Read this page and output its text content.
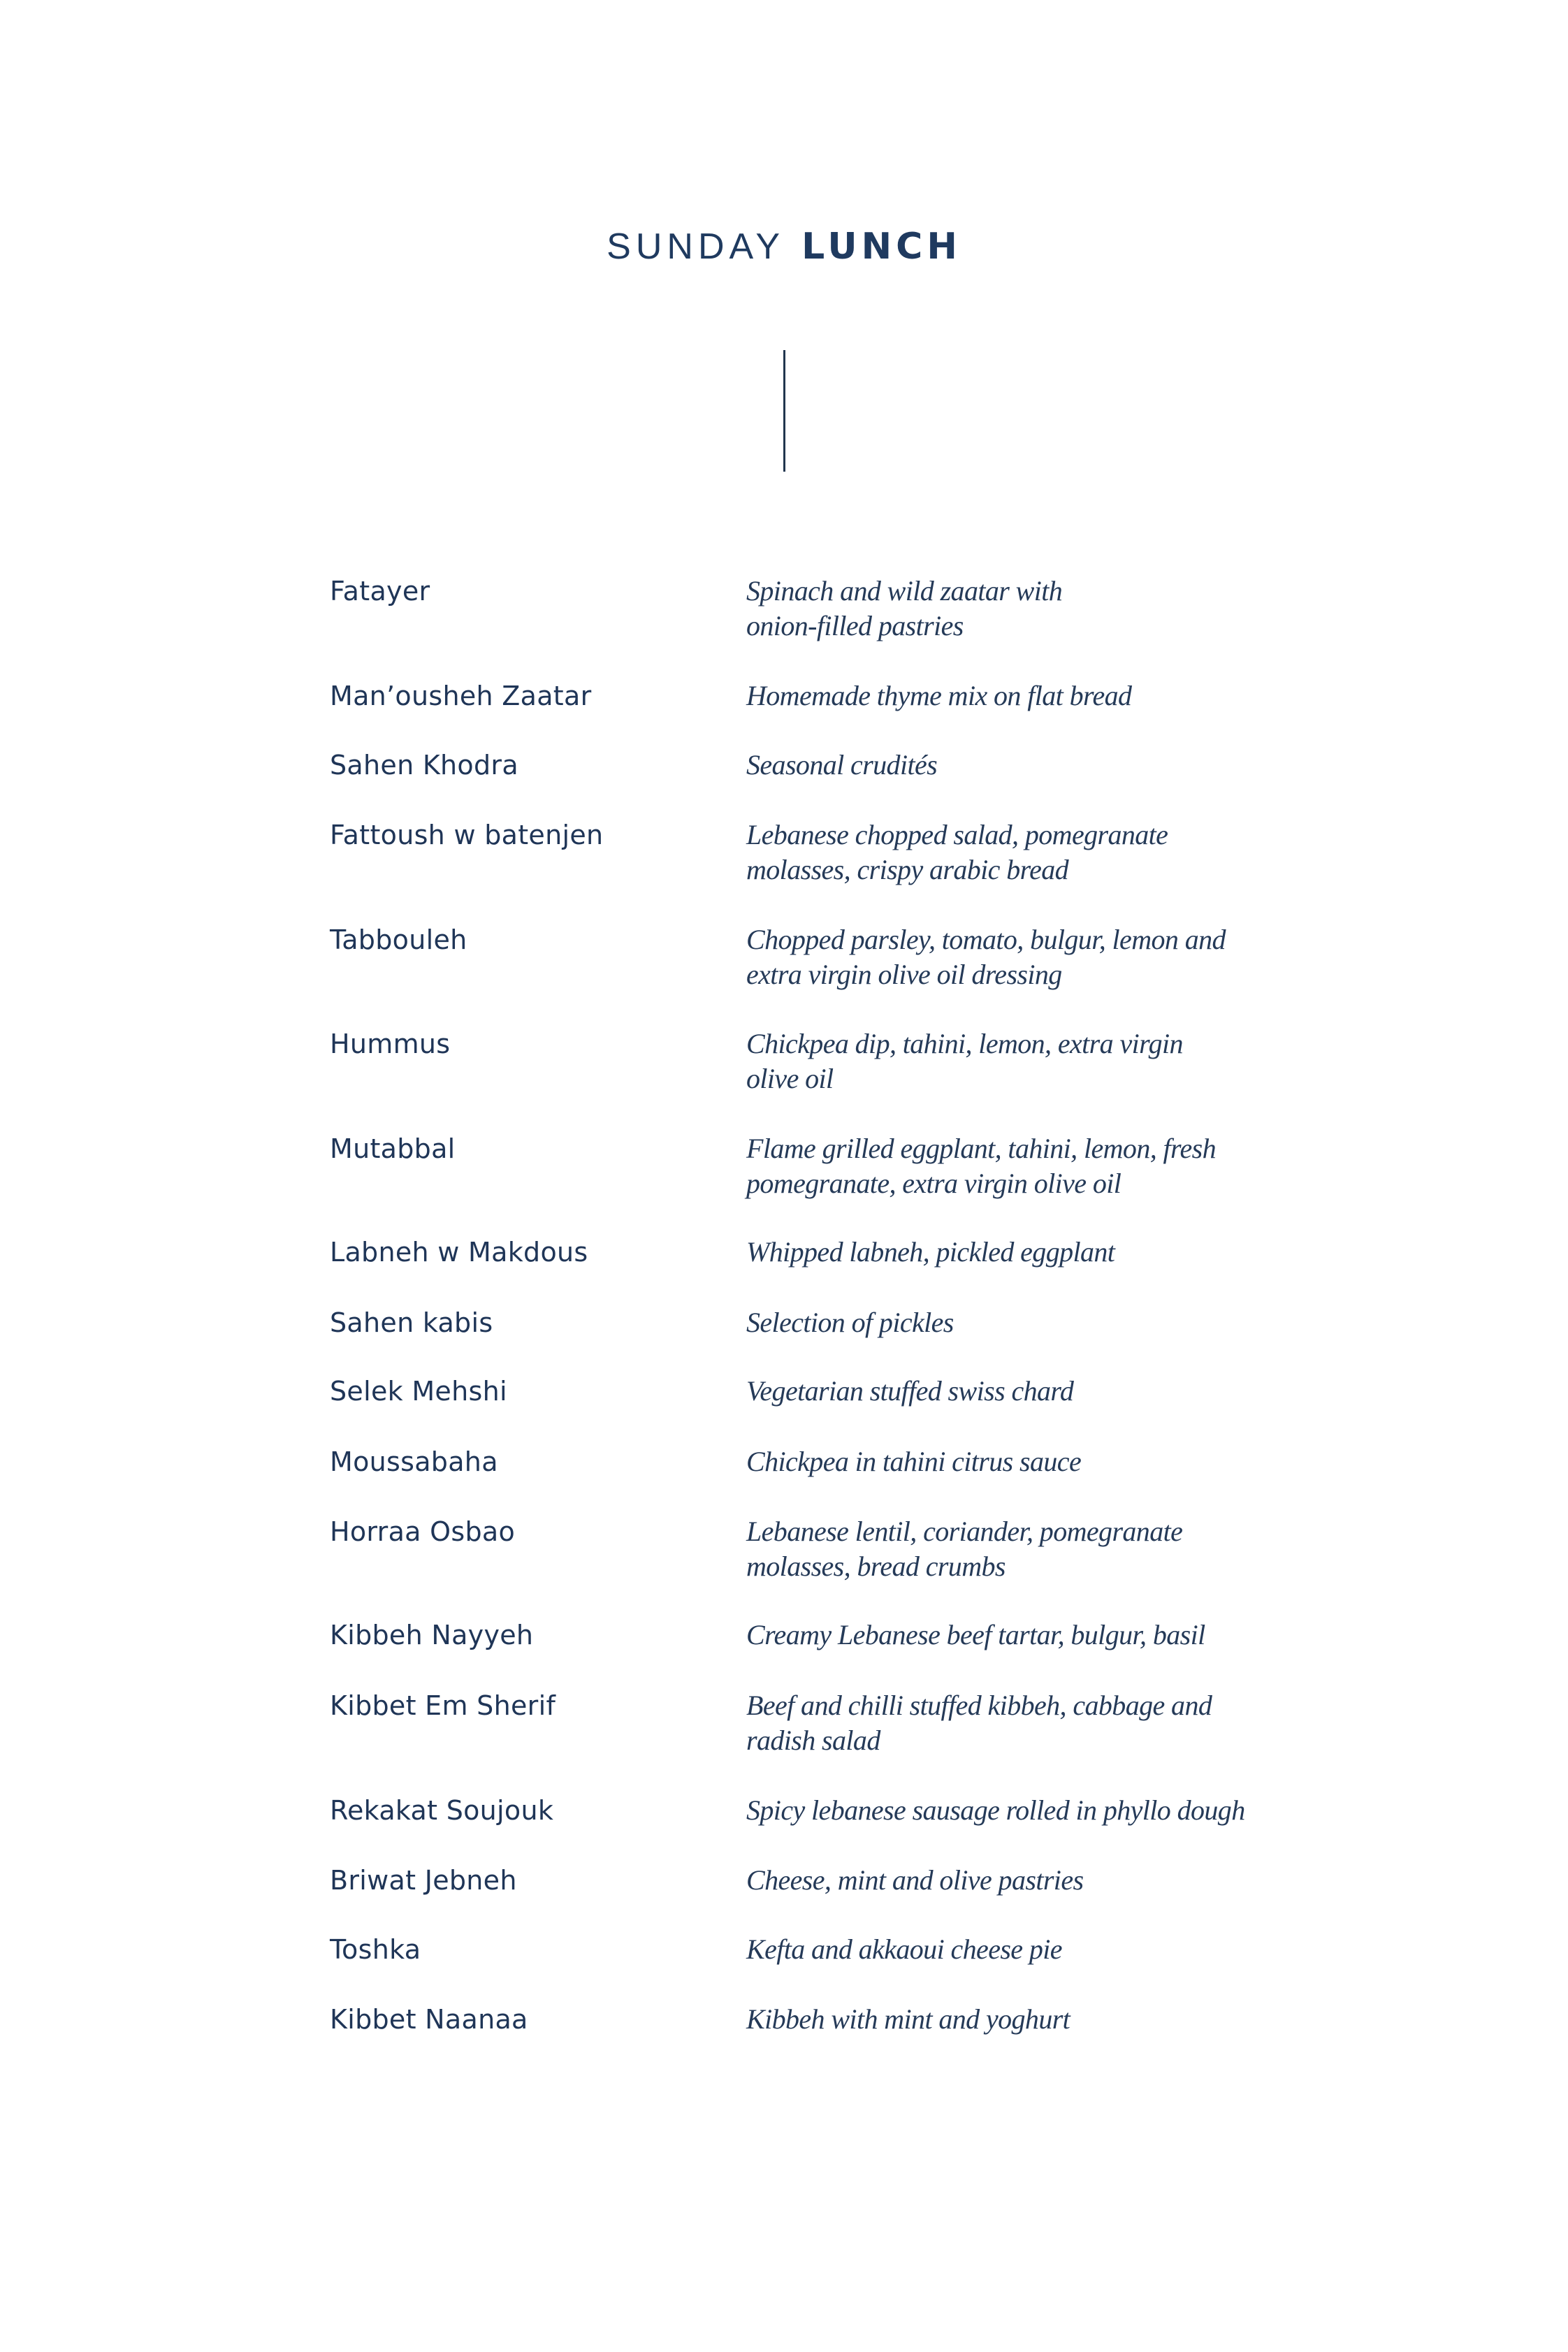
SUNDAY LUNCH
Fatayer	Spinach and wild zaatar with
onion-filled pastries
Man’ousheh Zaatar	Homemade thyme mix on flat bread
Sahen Khodra	Seasonal crudités
Fattoush w batenjen	Lebanese chopped salad, pomegranate
molasses, crispy arabic bread
Tabbouleh	Chopped parsley, tomato, bulgur, lemon and
extra virgin olive oil dressing
Hummus	Chickpea dip, tahini, lemon, extra virgin
olive oil
Mutabbal	Flame grilled eggplant, tahini, lemon, fresh
pomegranate, extra virgin olive oil
Labneh w Makdous	Whipped labneh, pickled eggplant
Sahen kabis	Selection of pickles
Selek Mehshi	Vegetarian stuffed swiss chard
Moussabaha	Chickpea in tahini citrus sauce
Horraa Osbao	Lebanese lentil, coriander, pomegranate
molasses, bread crumbs
Kibbeh Nayyeh	Creamy Lebanese beef tartar, bulgur, basil
Kibbet Em Sherif	Beef and chilli stuffed kibbeh, cabbage and
radish salad
Rekakat Soujouk	Spicy lebanese sausage rolled in phyllo dough
Briwat Jebneh	Cheese, mint and olive pastries
Toshka	Kefta and akkaoui cheese pie
Kibbet Naanaa	Kibbeh with mint and yoghurt
